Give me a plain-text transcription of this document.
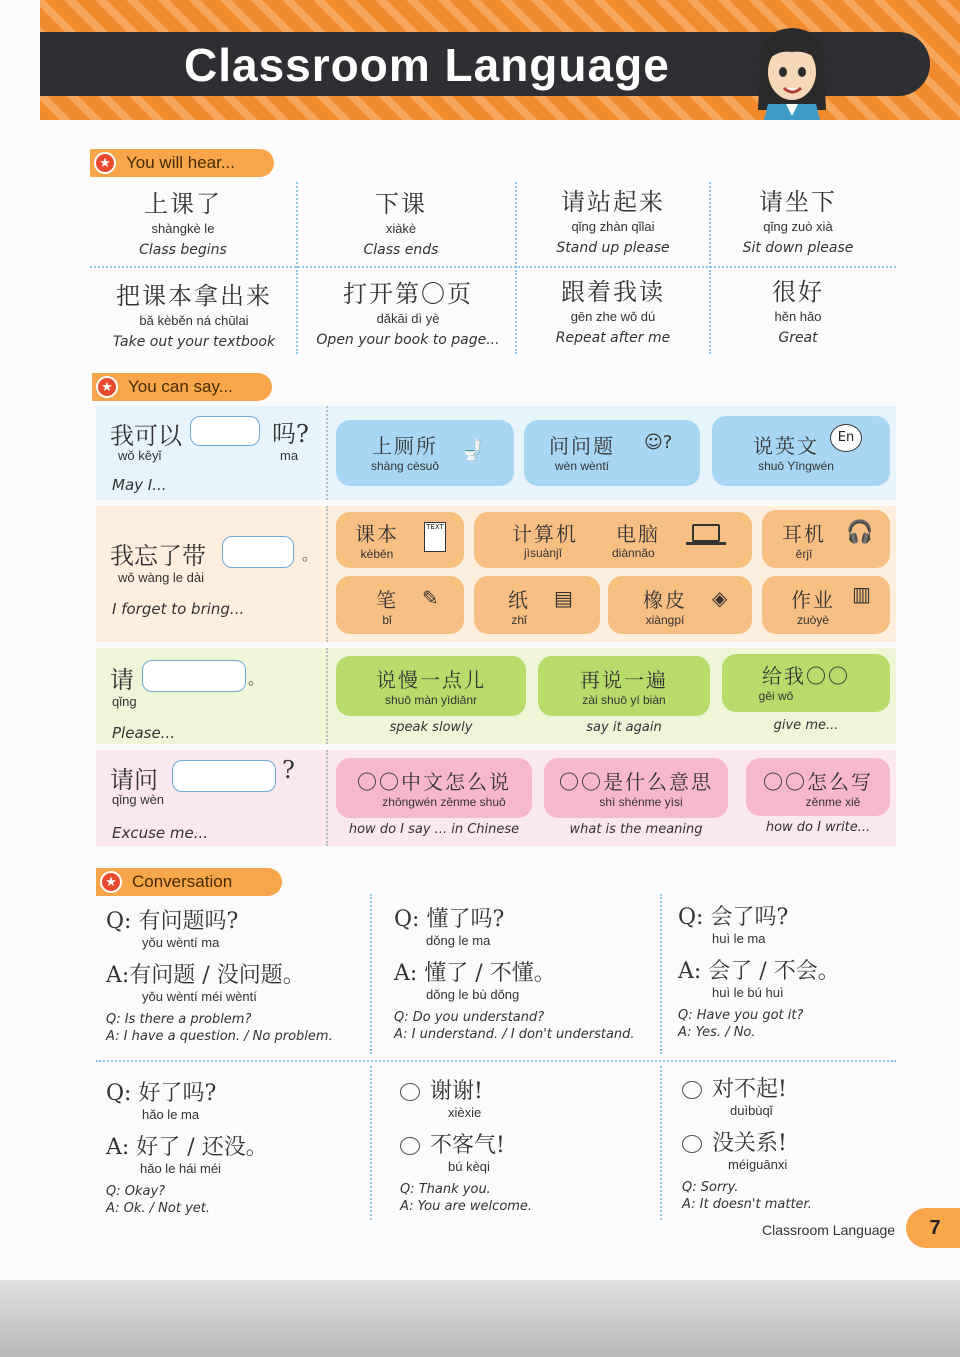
Classroom Language
★ You will hear...
上课了
shàngkè le
Class begins
下课
xiàkè
Class ends
请站起来
qǐng zhàn qǐlai
Stand up please
请坐下
qǐng zuò xià
Sit down please
把课本拿出来
bǎ kèběn ná chūlai
Take out your textbook
打开第〇页
dǎkāi dì yè
Open your book to page...
跟着我读
gēn zhe wǒ dú
Repeat after me
很好
hěn hǎo
Great
★ You can say...
我可以	吗?
wǒ kěyǐ	ma
May I...
上厕所
shàng cèsuǒ
🚽	问问题
wèn wèntí
☺?	说英文
shuō Yīngwén
En
我忘了带	。
wǒ wàng le dài
I forget to bring...
课本
kèběn
TEXT	计算机
jìsuànjī
电脑
diànnǎo
耳机
ěrjī
🎧
笔
bǐ
✎	纸
zhǐ
▤	橡皮
xiàngpí
◈	作业
zuòyè
▥
请	。
qǐng
Please...
说慢一点儿
shuō màn yìdiǎnr
speak slowly
再说一遍
zài shuō yí biàn
say it again
给我〇〇
gěi wǒ
give me...
请问	?
qǐng wèn
Excuse me...
〇〇中文怎么说
zhōngwén zěnme shuō
how do I say ... in Chinese
〇〇是什么意思
shì shénme yìsi
what is the meaning
〇〇怎么写
zěnme xiě
how do I write...
★ Conversation
Q: 有问题吗?
yǒu wèntí ma
A:有问题 / 没问题。
yǒu wèntí méi wèntí
Q: Is there a problem?
A: I have a question. / No problem.
Q: 懂了吗?
dǒng le ma
A: 懂了 / 不懂。
dǒng le bù dǒng
Q: Do you understand?
A: I understand. / I don't understand.
Q: 会了吗?
huì le ma
A: 会了 / 不会。
huì le bú huì
Q: Have you got it?
A: Yes. / No.
Q: 好了吗?
hǎo le ma
A: 好了 / 还没。
hǎo le hái méi
Q: Okay?
A: Ok. / Not yet.
谢谢!
xièxie
不客气!
bú kèqi
Q: Thank you.
A: You are welcome.
对不起!
duìbùqǐ
没关系!
méiguānxi
Q: Sorry.
A: It doesn't matter.
Classroom Language	7
